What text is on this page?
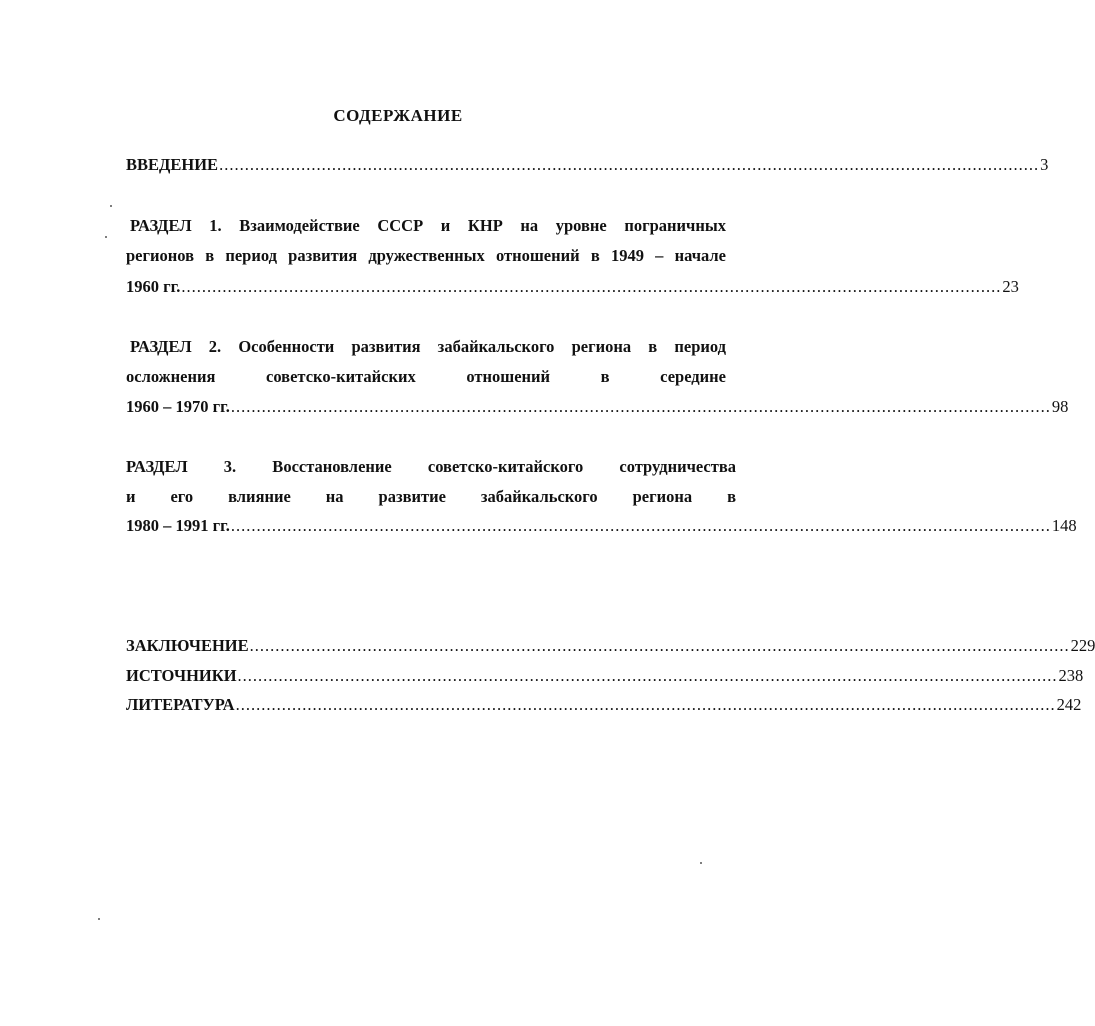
СОДЕРЖАНИЕ
ВВЕДЕНИЕ ................................................................................................................................................................ 3
РАЗДЕЛ 1. Взаимодействие СССР и КНР на уровне пограничных
регионов в период развития дружественных отношений в 1949 – начале
1960 гг. ................................................................................................................................................................ 23
РАЗДЕЛ 2. Особенности развития забайкальского региона в период
осложнения советско-китайских отношений в середине
1960 – 1970 гг. ................................................................................................................................................................ 98
РАЗДЕЛ 3. Восстановление советско-китайского сотрудничества
и его влияние на развитие забайкальского региона в
1980 – 1991 гг. ................................................................................................................................................................ 148
ЗАКЛЮЧЕНИЕ ................................................................................................................................................................ 229
ИСТОЧНИКИ ................................................................................................................................................................ 238
ЛИТЕРАТУРА ................................................................................................................................................................ 242
